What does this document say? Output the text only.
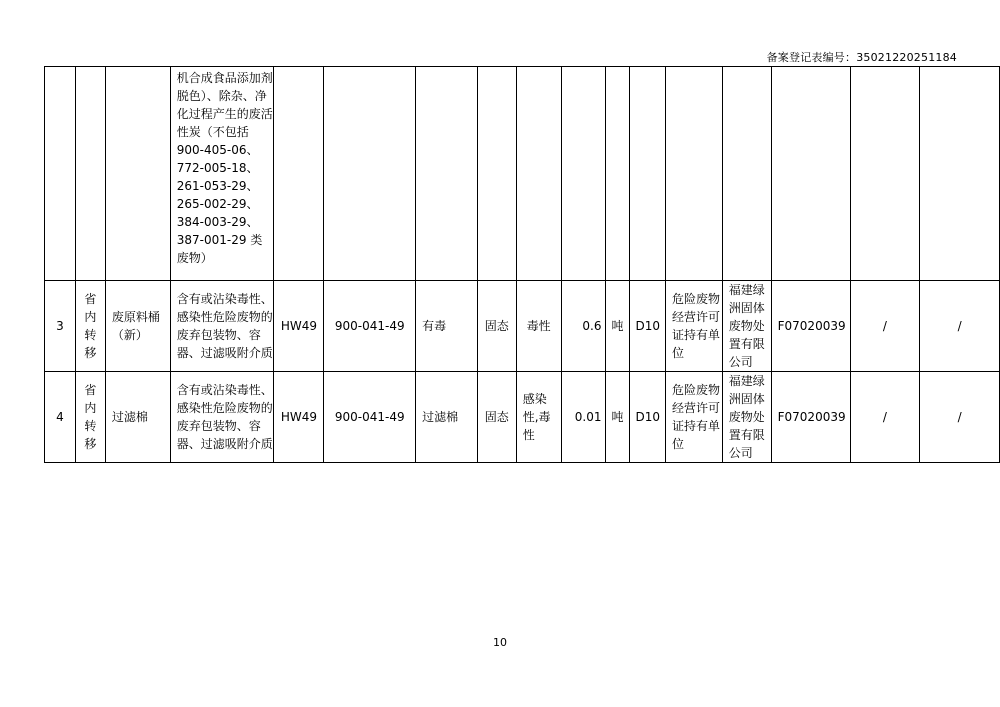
备案登记表编号：35021220251184

			机合成食品添加剂脱色）、除杂、净化过程产生的废活性炭（不包括 900-405-06、772-005-18、261-053-29、265-002-29、384-003-29、387-001-29 类废物）													

3	省内转移	废原料桶（新）	含有或沾染毒性、感染性危险废物的废弃包装物、容器、过滤吸附介质	HW49	900-041-49	有毒	固态	毒性	0.6	吨	D10	危险废物经营许可证持有单位	福建绿洲固体废物处置有限公司	F07020039	/	/
4	省内转移	过滤棉	含有或沾染毒性、感染性危险废物的废弃包装物、容器、过滤吸附介质	HW49	900-041-49	过滤棉	固态	感染性,毒性	0.01	吨	D10	危险废物经营许可证持有单位	福建绿洲固体废物处置有限公司	F07020039	/	/
10
